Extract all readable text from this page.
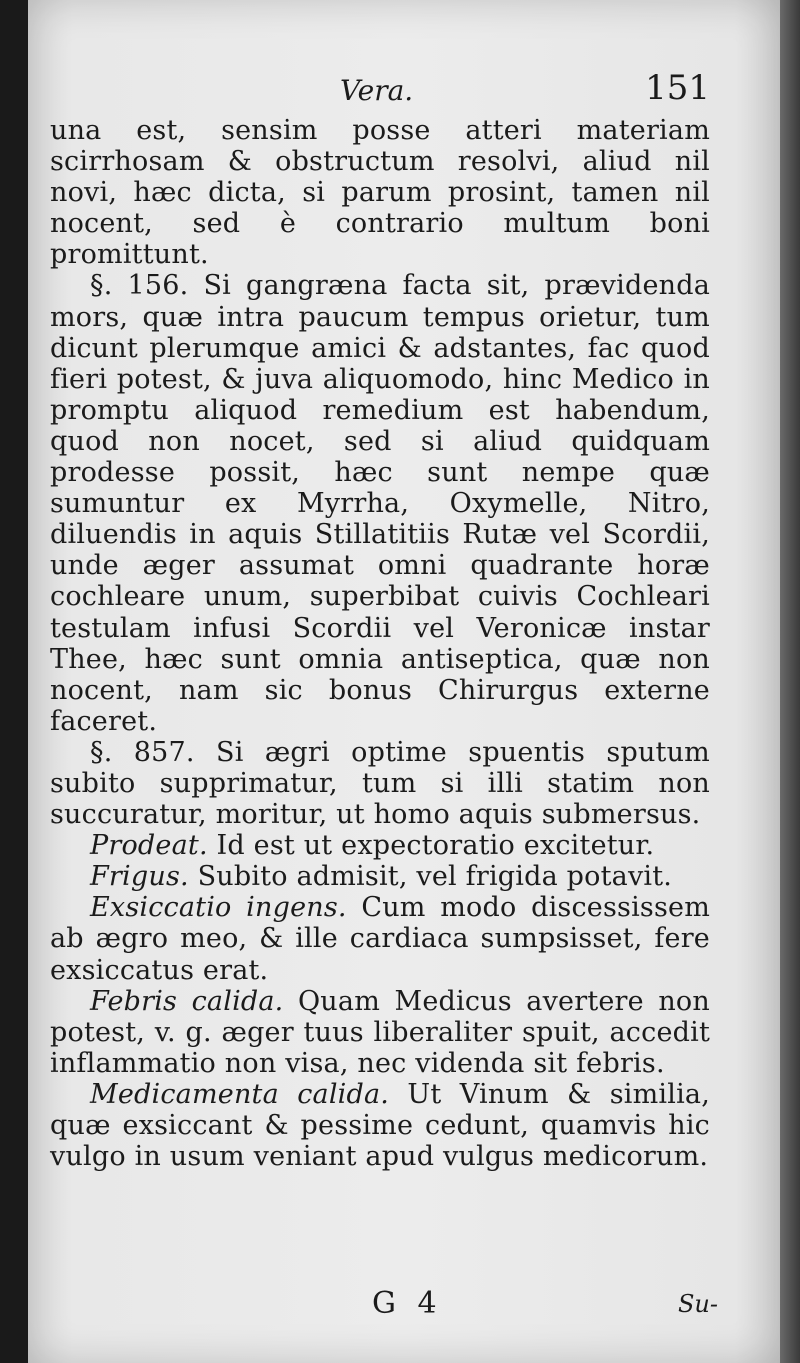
Vera.	151

una est, sensim posse atteri materiam scirrhosam & obstructum resolvi, aliud nil novi, hæc dicta, si parum prosint, tamen nil nocent, sed è contrario multum boni promittunt.

§. 156. Si gangræna facta sit, prævidenda mors, quæ intra paucum tempus orietur, tum dicunt plerumque amici & adstantes, fac quod fieri potest, & juva aliquomodo, hinc Medico in promptu aliquod remedium est habendum, quod non nocet, sed si aliud quidquam prodesse possit, hæc sunt nempe quæ sumuntur ex Myrrha, Oxymelle, Nitro, diluendis in aquis Stillatitiis Rutæ vel Scordii, unde æger assumat omni quadrante horæ cochleare unum, superbibat cuivis Cochleari testulam infusi Scordii vel Veronicæ instar Thee, hæc sunt omnia antiseptica, quæ non nocent, nam sic bonus Chirurgus externe faceret.

§. 857. Si ægri optime spuentis sputum subito supprimatur, tum si illi statim non succuratur, moritur, ut homo aquis submersus.

Prodeat. Id est ut expectoratio excitetur.

Frigus. Subito admisit, vel frigida potavit.

Exsiccatio ingens. Cum modo discessissem ab ægro meo, & ille cardiaca sumpsisset, fere exsiccatus erat.

Febris calida. Quam Medicus avertere non potest, v. g. æger tuus liberaliter spuit, accedit inflammatio non visa, nec videnda sit febris.

Medicamenta calida. Ut Vinum & similia, quæ exsiccant & pessime cedunt, quamvis hic vulgo in usum veniant apud vulgus medicorum.

G 4	Su-
